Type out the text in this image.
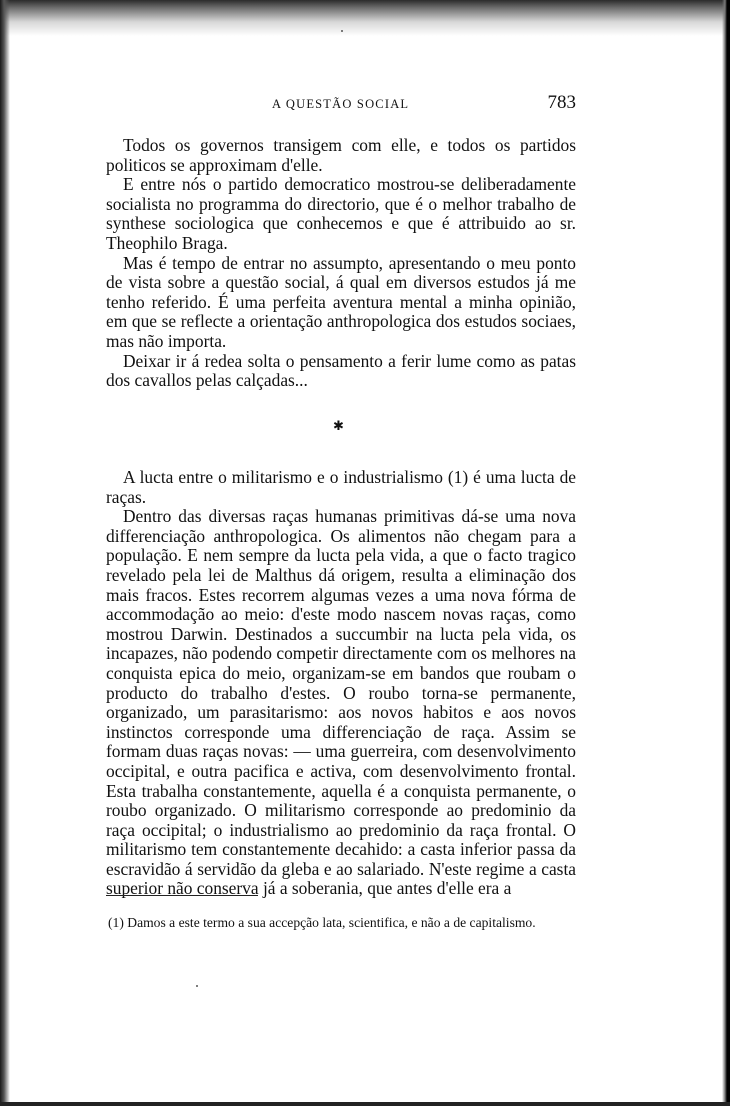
A QUESTÃO SOCIAL	783

Todos os governos transigem com elle, e todos os partidos politicos se approximam d'elle.

E entre nós o partido democratico mostrou-se deliberadamente socialista no programma do directorio, que é o melhor trabalho de synthese sociologica que conhecemos e que é attribuido ao sr. Theophilo Braga.

Mas é tempo de entrar no assumpto, apresentando o meu ponto de vista sobre a questão social, á qual em diversos estudos já me tenho referido. É uma perfeita aventura mental a minha opinião, em que se reflecte a orientação anthropologica dos estudos sociaes, mas não importa.

Deixar ir á redea solta o pensamento a ferir lume como as patas dos cavallos pelas calçadas...

✱

A lucta entre o militarismo e o industrialismo (1) é uma lucta de raças.

Dentro das diversas raças humanas primitivas dá-se uma nova differenciação anthropologica. Os alimentos não chegam para a população. E nem sempre da lucta pela vida, a que o facto tragico revelado pela lei de Malthus dá origem, resulta a eliminação dos mais fracos. Estes recorrem algumas vezes a uma nova fórma de accommodação ao meio: d'este modo nascem novas raças, como mostrou Darwin. Destinados a succumbir na lucta pela vida, os incapazes, não podendo competir directamente com os melhores na conquista epica do meio, organizam-se em bandos que roubam o producto do trabalho d'estes. O roubo torna-se permanente, organizado, um parasitarismo: aos novos habitos e aos novos instinctos corresponde uma differenciação de raça. Assim se formam duas raças novas: — uma guerreira, com desenvolvimento occipital, e outra pacifica e activa, com desenvolvimento frontal. Esta trabalha constantemente, aquella é a conquista permanente, o roubo organizado. O militarismo corresponde ao predominio da raça occipital; o industrialismo ao predominio da raça frontal. O militarismo tem constantemente decahido: a casta inferior passa da escravidão á servidão da gleba e ao salariado. N'este regime a casta superior não conserva já a soberania, que antes d'elle era a

(1) Damos a este termo a sua accepção lata, scientifica, e não a de capitalismo.
